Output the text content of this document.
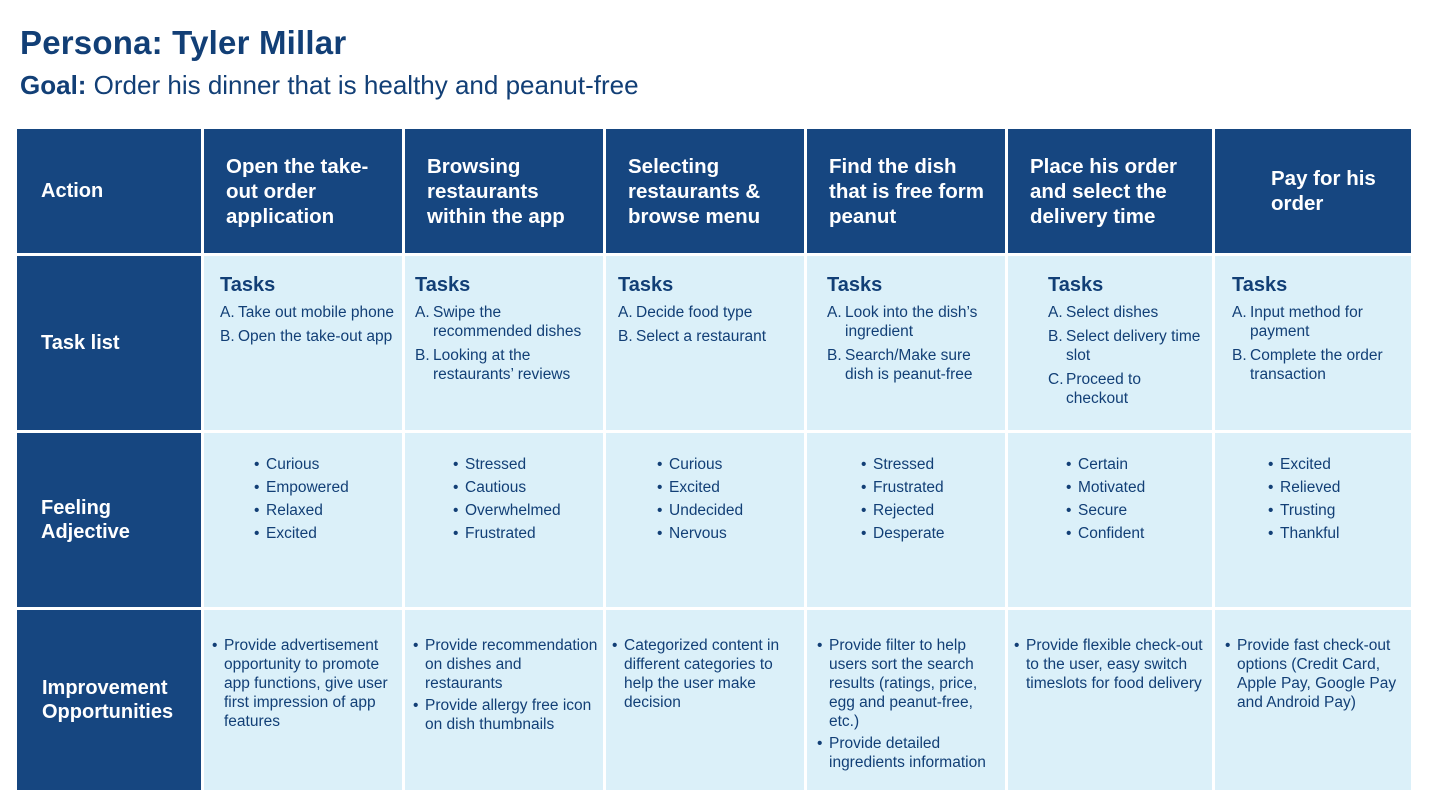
Persona: Tyler Millar
Goal: Order his dinner that is healthy and peanut-free
Action
Open the take-out order application
Browsing restaurants within the app
Selecting restaurants & browse menu
Find the dish that is free form peanut
Place his order and select the delivery time
Pay for his order
Task list
Tasks
A. Take out mobile phone
B. Open the take-out app
Tasks
A. Swipe the recommended dishes
B. Looking at the restaurants’ reviews
Tasks
A. Decide food type
B. Select a restaurant
Tasks
A. Look into the dish’s ingredient
B. Search/Make sure dish is peanut-free
Tasks
A. Select dishes
B. Select delivery time slot
C. Proceed to checkout
Tasks
A. Input method for payment
B. Complete the order transaction
Feeling Adjective
• Curious
• Empowered
• Relaxed
• Excited
• Stressed
• Cautious
• Overwhelmed
• Frustrated
• Curious
• Excited
• Undecided
• Nervous
• Stressed
• Frustrated
• Rejected
• Desperate
• Certain
• Motivated
• Secure
• Confident
• Excited
• Relieved
• Trusting
• Thankful
Improvement Opportunities
• Provide advertisement opportunity to promote app functions, give user first impression of app features
• Provide recommendation on dishes and restaurants
• Provide allergy free icon on dish thumbnails
• Categorized content in different categories to help the user make decision
• Provide filter to help users sort the search results (ratings, price, egg and peanut-free, etc.)
• Provide detailed ingredients information
• Provide flexible check-out to the user, easy switch timeslots for food delivery
• Provide fast check-out options (Credit Card, Apple Pay, Google Pay and Android Pay)
